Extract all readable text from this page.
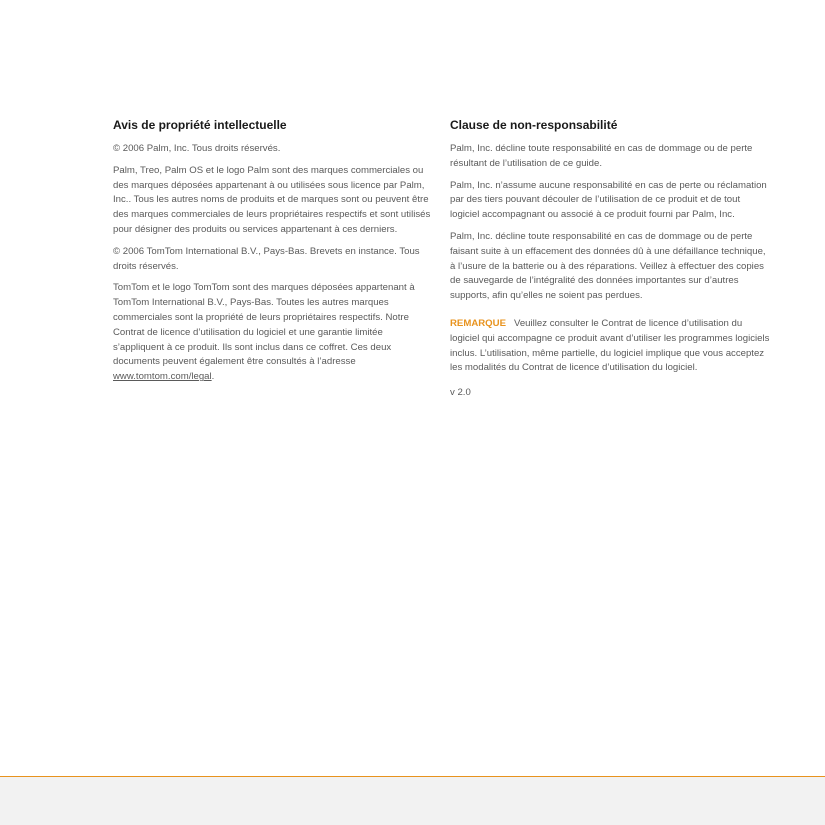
Avis de propriété intellectuelle

© 2006 Palm, Inc. Tous droits réservés.

Palm, Treo, Palm OS et le logo Palm sont des marques commerciales ou des marques déposées appartenant à ou utilisées sous licence par Palm, Inc.. Tous les autres noms de produits et de marques sont ou peuvent être des marques commerciales de leurs propriétaires respectifs et sont utilisés pour désigner des produits ou services appartenant à ces derniers.

© 2006 TomTom International B.V., Pays-Bas. Brevets en instance. Tous droits réservés.

TomTom et le logo TomTom sont des marques déposées appartenant à TomTom International B.V., Pays-Bas. Toutes les autres marques commerciales sont la propriété de leurs propriétaires respectifs. Notre Contrat de licence d’utilisation du logiciel et une garantie limitée s’appliquent à ce produit. Ils sont inclus dans ce coffret. Ces deux documents peuvent également être consultés à l’adresse www.tomtom.com/legal.

Clause de non-responsabilité

Palm, Inc. décline toute responsabilité en cas de dommage ou de perte résultant de l’utilisation de ce guide.

Palm, Inc. n’assume aucune responsabilité en cas de perte ou réclamation par des tiers pouvant découler de l’utilisation de ce produit et de tout logiciel accompagnant ou associé à ce produit fourni par Palm, Inc.

Palm, Inc. décline toute responsabilité en cas de dommage ou de perte faisant suite à un effacement des données dû à une défaillance technique, à l’usure de la batterie ou à des réparations. Veillez à effectuer des copies de sauvegarde de l’intégralité des données importantes sur d’autres supports, afin qu’elles ne soient pas perdues.

REMARQUE Veuillez consulter le Contrat de licence d’utilisation du logiciel qui accompagne ce produit avant d’utiliser les programmes logiciels inclus. L’utilisation, même partielle, du logiciel implique que vous acceptez les modalités du Contrat de licence d’utilisation du logiciel.

v 2.0
